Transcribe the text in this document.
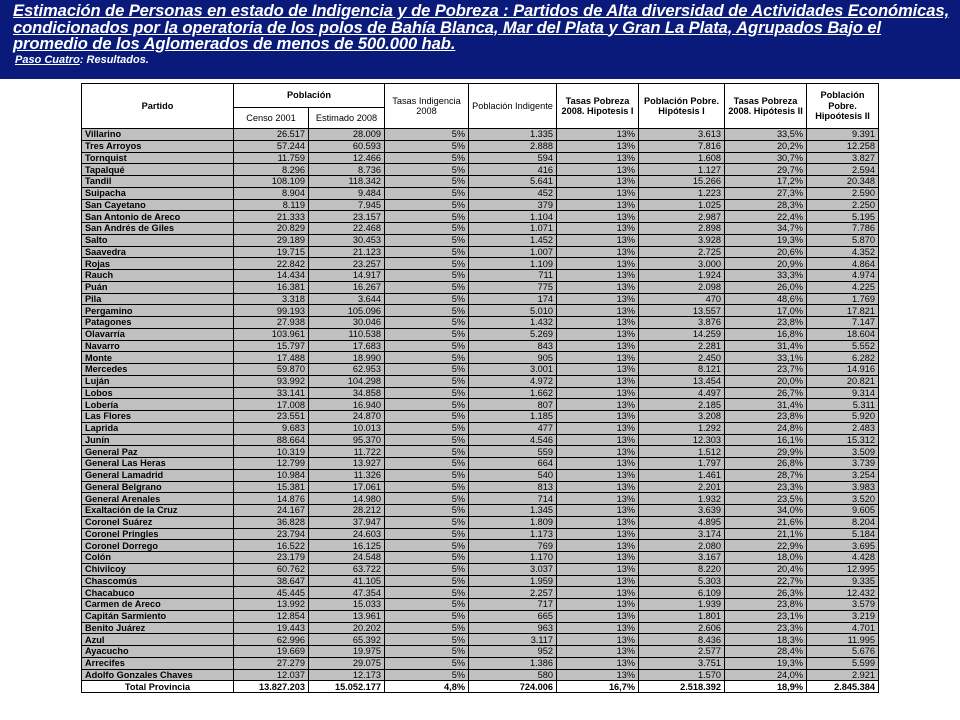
Estimación de Personas en estado de Indigencia y de Pobreza : Partidos de Alta diversidad de Actividades Económicas, condicionados por la operatoria de los polos de Bahía Blanca, Mar del Plata y Gran La Plata, Agrupados Bajo el promedio de los Aglomerados de menos de 500.000 hab.
Paso Cuatro: Resultados.
Partido	Población		Tasas Indigencia 2008	Población Indigente	Tasas Pobreza 2008. Hipotesis I	Población Pobre. Hipótesis I	Tasas Pobreza 2008. Hipótesis II	Población Pobre. Hipoótesis II
	Censo 2001	Estimado 2008						
Villarino	26.517	28.009	5%	1.335	13%	3.613	33,5%	9.391
Tres Arroyos	57.244	60.593	5%	2.888	13%	7.816	20,2%	12.258
Tornquist	11.759	12.466	5%	594	13%	1.608	30,7%	3.827
Tapalqué	8.296	8.736	5%	416	13%	1.127	29,7%	2.594
Tandil	108.109	118.342	5%	5.641	13%	15.266	17,2%	20.348
Suipacha	8.904	9.484	5%	452	13%	1.223	27,3%	2.590
San Cayetano	8.119	7.945	5%	379	13%	1.025	28,3%	2.250
San Antonio de Areco	21.333	23.157	5%	1.104	13%	2.987	22,4%	5.195
San Andrés de Giles	20.829	22.468	5%	1.071	13%	2.898	34,7%	7.786
Salto	29.189	30.453	5%	1.452	13%	3.928	19,3%	5.870
Saavedra	19.715	21.123	5%	1.007	13%	2.725	20,6%	4.352
Rojas	22.842	23.257	5%	1.109	13%	3.000	20,9%	4.864
Rauch	14.434	14.917	5%	711	13%	1.924	33,3%	4.974
Puán	16.381	16.267	5%	775	13%	2.098	26,0%	4.225
Pila	3.318	3.644	5%	174	13%	470	48,6%	1.769
Pergamino	99.193	105.096	5%	5.010	13%	13.557	17,0%	17.821
Patagones	27.938	30.046	5%	1.432	13%	3.876	23,8%	7.147
Olavarría	103.961	110.538	5%	5.269	13%	14.259	16,8%	18.604
Navarro	15.797	17.683	5%	843	13%	2.281	31,4%	5.552
Monte	17.488	18.990	5%	905	13%	2.450	33,1%	6.282
Mercedes	59.870	62.953	5%	3.001	13%	8.121	23,7%	14.916
Luján	93.992	104.298	5%	4.972	13%	13.454	20,0%	20.821
Lobos	33.141	34.858	5%	1.662	13%	4.497	26,7%	9.314
Lobería	17.008	16.940	5%	807	13%	2.185	31,4%	5.311
Las Flores	23.551	24.870	5%	1.185	13%	3.208	23,8%	5.920
Laprida	9.683	10.013	5%	477	13%	1.292	24,8%	2.483
Junín	88.664	95.370	5%	4.546	13%	12.303	16,1%	15.312
General Paz	10.319	11.722	5%	559	13%	1.512	29,9%	3.509
General Las Heras	12.799	13.927	5%	664	13%	1.797	26,8%	3.739
General Lamadrid	10.984	11.326	5%	540	13%	1.461	28,7%	3.254
General Belgrano	15.381	17.061	5%	813	13%	2.201	23,3%	3.983
General Arenales	14.876	14.980	5%	714	13%	1.932	23,5%	3.520
Exaltación de la Cruz	24.167	28.212	5%	1.345	13%	3.639	34,0%	9.605
Coronel Suárez	36.828	37.947	5%	1.809	13%	4.895	21,6%	8.204
Coronel Pringles	23.794	24.603	5%	1.173	13%	3.174	21,1%	5.184
Coronel Dorrego	16.522	16.125	5%	769	13%	2.080	22,9%	3.695
Colón	23.179	24.548	5%	1.170	13%	3.167	18,0%	4.428
Chivilcoy	60.762	63.722	5%	3.037	13%	8.220	20,4%	12.995
Chascomús	38.647	41.105	5%	1.959	13%	5.303	22,7%	9.335
Chacabuco	45.445	47.354	5%	2.257	13%	6.109	26,3%	12.432
Carmen de Areco	13.992	15.033	5%	717	13%	1.939	23,8%	3.579
Capitán Sarmiento	12.854	13.961	5%	665	13%	1.801	23,1%	3.219
Benito Juárez	19.443	20.202	5%	963	13%	2.606	23,3%	4.701
Azul	62.996	65.392	5%	3.117	13%	8.436	18,3%	11.995
Ayacucho	19.669	19.975	5%	952	13%	2.577	28,4%	5.676
Arrecifes	27.279	29.075	5%	1.386	13%	3.751	19,3%	5.599
Adolfo Gonzales Chaves	12.037	12.173	5%	580	13%	1.570	24,0%	2.921
Total Provincia	13.827.203	15.052.177	4,8%	724.006	16,7%	2.518.392	18,9%	2.845.384
